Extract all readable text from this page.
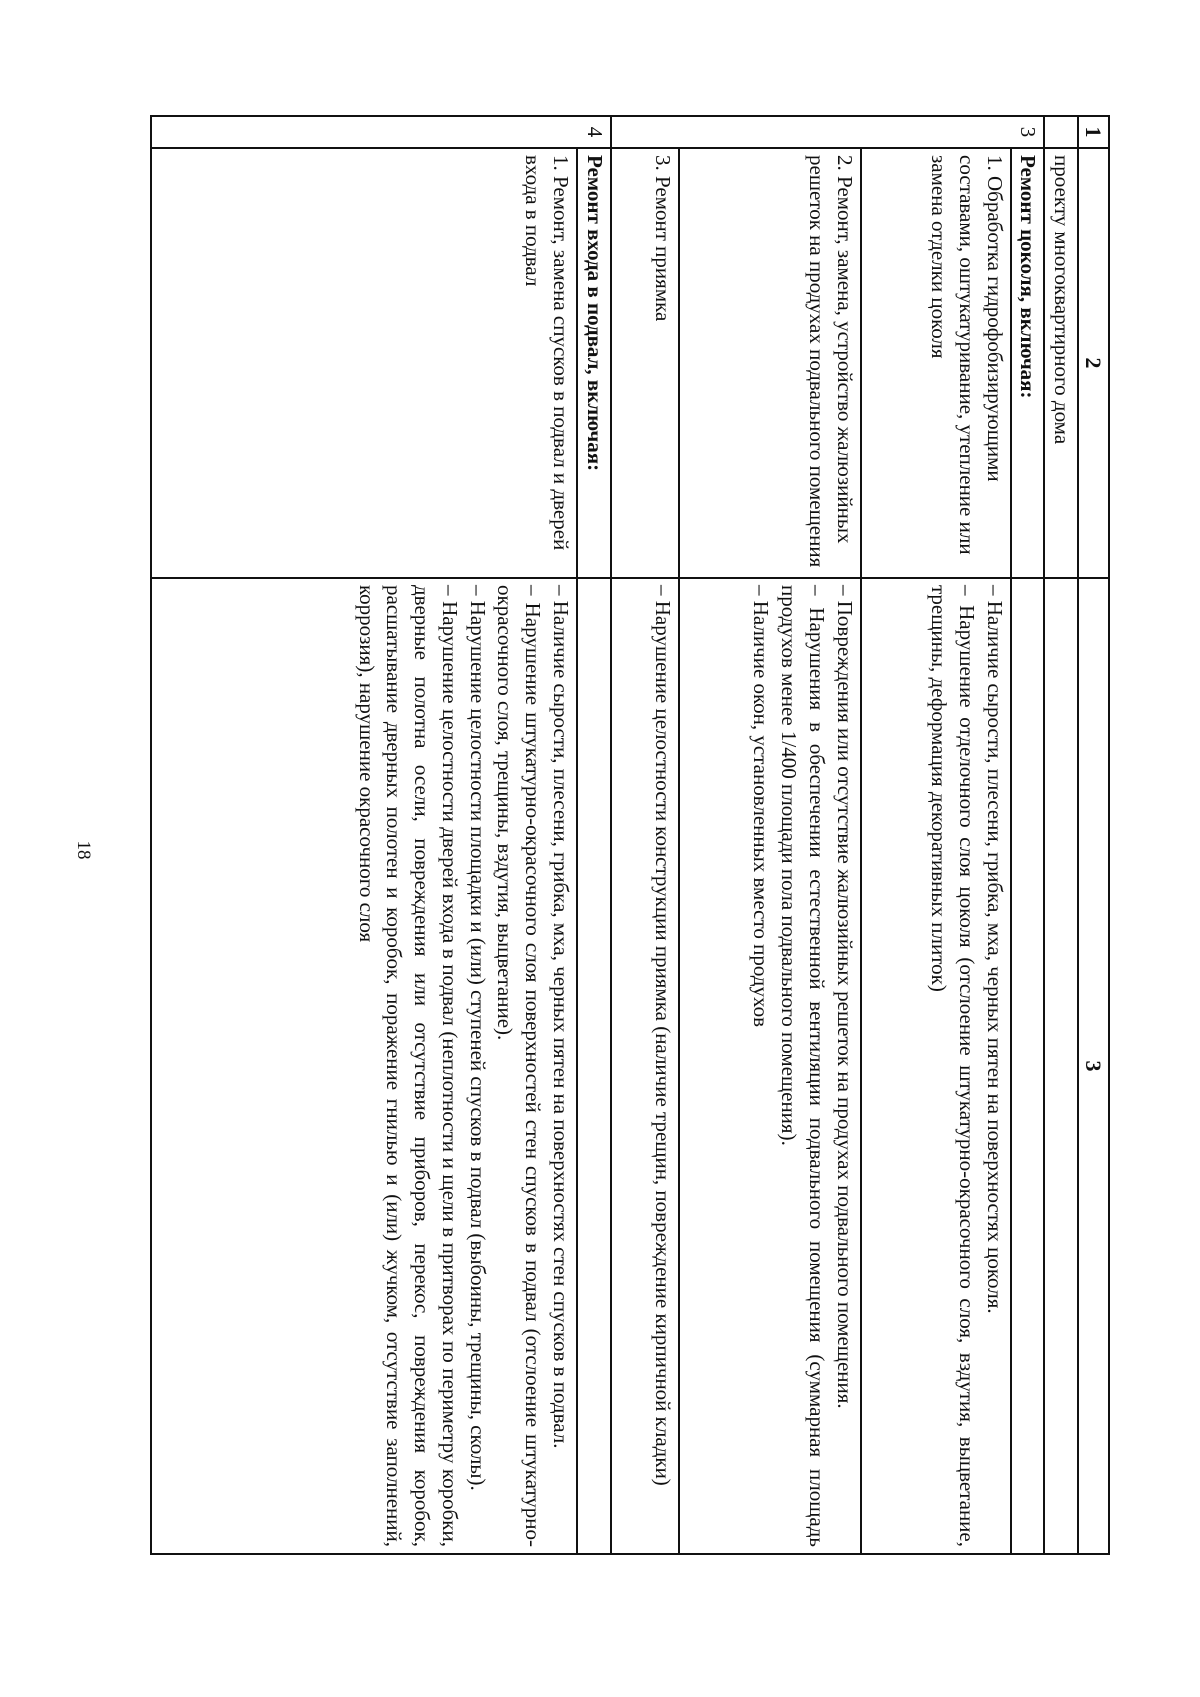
18
1	2	3
	проекту многоквартирного дома	
3	Ремонт цоколя, включая:	
	1. Обработка гидрофобизирующими составами, оштукатуривание, утепление или замена отделки цоколя	– Наличие сырости, плесени, грибка, мха, черных пятен на поверхностях цоколя.
– Нарушение отделочного слоя цоколя (отслоение штукатурно-окрасочного слоя, вздутия, выцветание, трещины, деформация декоративных плиток)

	2. Ремонт, замена, устройство жалюзийных решеток на продухах подвального помещения	– Повреждения или отсутствие жалюзийных решеток на продухах подвального помещения.
– Нарушения в обеспечении естественной вентиляции подвального помещения (суммарная площадь продухов менее 1/400 площади пола подвального помещения).
– Наличие окон, установленных вместо продухов

	3. Ремонт приямка	– Нарушение целостности конструкции приямка (наличие трещин, повреждение кирпичной кладки)

4	Ремонт входа в подвал, включая:	
	1. Ремонт, замена спусков в подвал и дверей входа в подвал	– Наличие сырости, плесени, грибка, мха, черных пятен на поверхностях стен спусков в подвал.
– Нарушение штукатурно-окрасочного слоя поверхностей стен спусков в подвал (отслоение штукатурно-окрасочного слоя, трещины, вздутия, выцветание).
– Нарушение целостности площадки и (или) ступеней спусков в подвал (выбоины, трещины, сколы).
– Нарушение целостности дверей входа в подвал (неплотности и щели в притворах по периметру коробки, дверные полотна осели, повреждения или отсутствие приборов, перекос, повреждения коробок, расшатывание дверных полотен и коробок, поражение гнилью и (или) жучком, отсутствие заполнений, коррозия), нарушение окрасочного слоя
